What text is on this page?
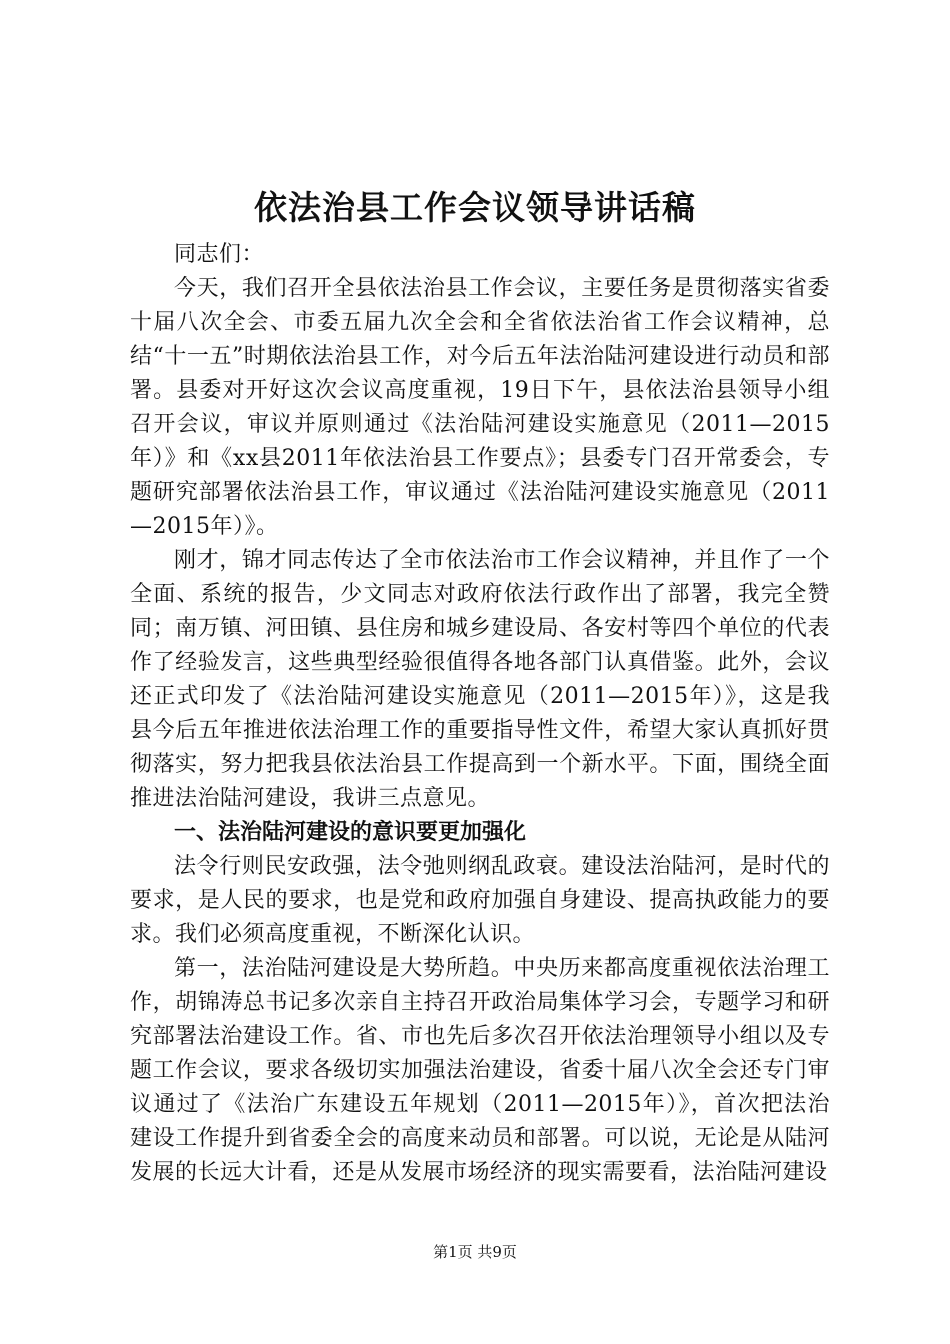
依法治县工作会议领导讲话稿

同志们：

今天，我们召开全县依法治县工作会议，主要任务是贯彻落实省委十届八次全会、市委五届九次全会和全省依法治省工作会议精神，总结“十一五”时期依法治县工作，对今后五年法治陆河建设进行动员和部署。县委对开好这次会议高度重视，19日下午，县依法治县领导小组召开会议，审议并原则通过《法治陆河建设实施意见（2011—2015年）》和《xx县2011年依法治县工作要点》；县委专门召开常委会，专题研究部署依法治县工作，审议通过《法治陆河建设实施意见（2011—2015年）》。

刚才，锦才同志传达了全市依法治市工作会议精神，并且作了一个全面、系统的报告，少文同志对政府依法行政作出了部署，我完全赞同；南万镇、河田镇、县住房和城乡建设局、各安村等四个单位的代表作了经验发言，这些典型经验很值得各地各部门认真借鉴。此外，会议还正式印发了《法治陆河建设实施意见（2011—2015年）》，这是我县今后五年推进依法治理工作的重要指导性文件，希望大家认真抓好贯彻落实，努力把我县依法治县工作提高到一个新水平。下面，围绕全面推进法治陆河建设，我讲三点意见。

一、法治陆河建设的意识要更加强化

法令行则民安政强，法令弛则纲乱政衰。建设法治陆河，是时代的要求，是人民的要求，也是党和政府加强自身建设、提高执政能力的要求。我们必须高度重视，不断深化认识。

第一，法治陆河建设是大势所趋。中央历来都高度重视依法治理工作，胡锦涛总书记多次亲自主持召开政治局集体学习会，专题学习和研究部署法治建设工作。省、市也先后多次召开依法治理领导小组以及专题工作会议，要求各级切实加强法治建设，省委十届八次全会还专门审议通过了《法治广东建设五年规划（2011—2015年）》，首次把法治建设工作提升到省委全会的高度来动员和部署。可以说，无论是从陆河发展的长远大计看，还是从发展市场经济的现实需要看，法治陆河建设

第1页 共9页
